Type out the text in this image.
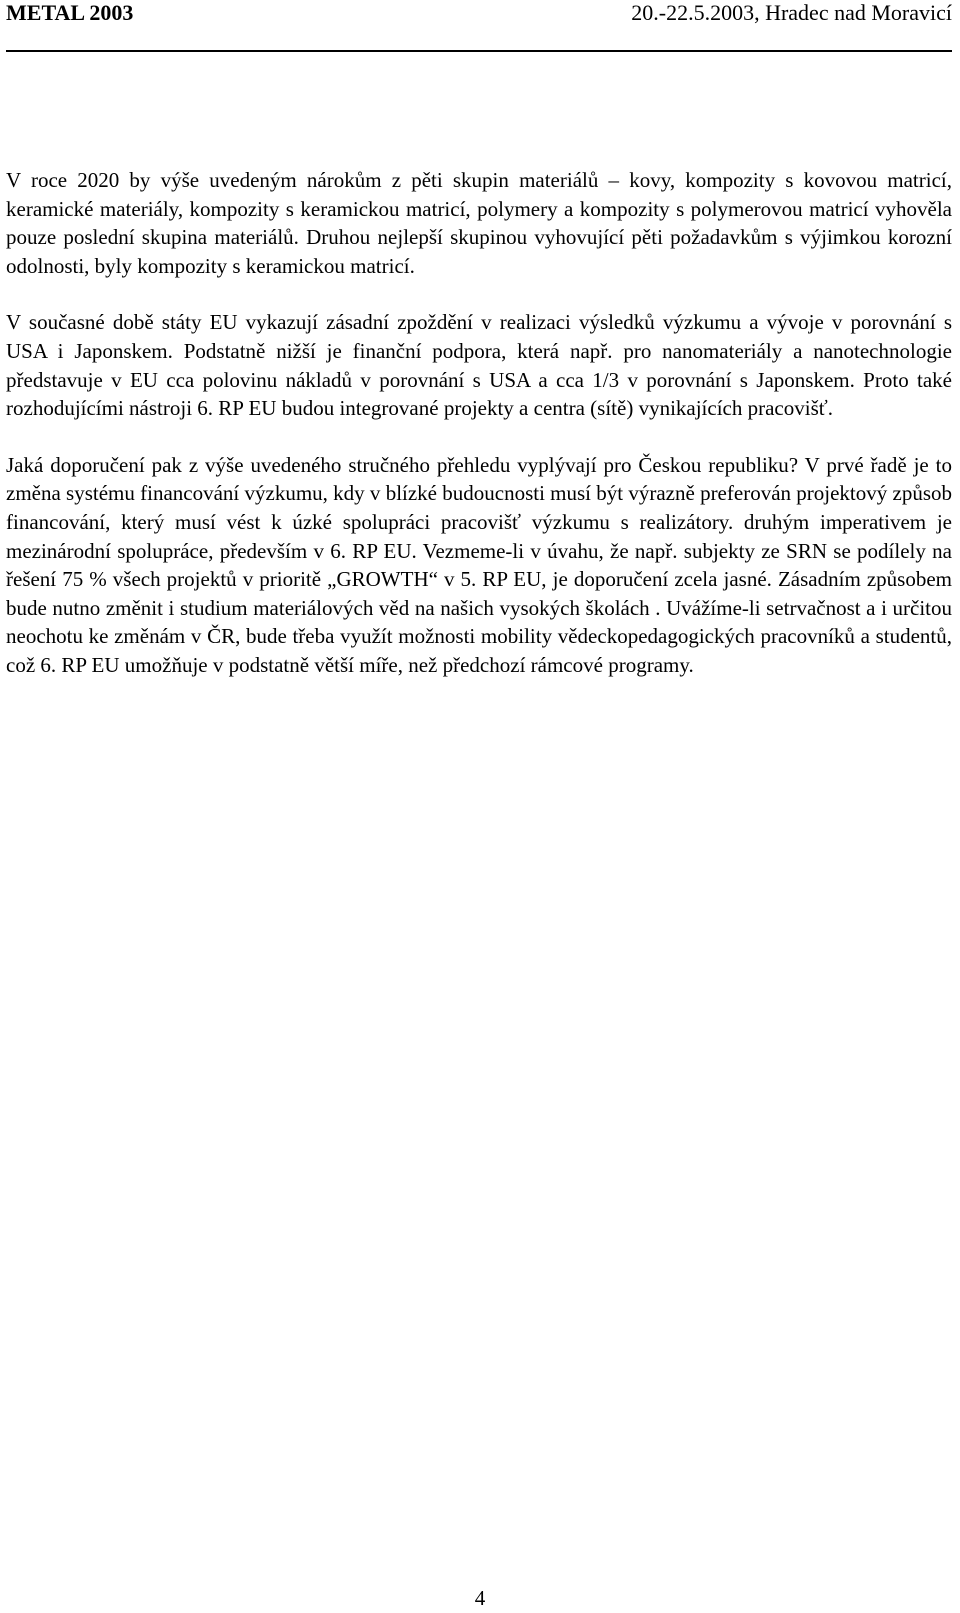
METAL 2003	20.-22.5.2003, Hradec nad Moravicí

V roce 2020 by výše uvedeným nárokům z pěti skupin materiálů – kovy, kompozity s kovovou matricí, keramické materiály, kompozity s keramickou matricí, polymery a kompozity s polymerovou matricí vyhověla pouze poslední skupina materiálů. Druhou nejlepší skupinou vyhovující pěti požadavkům s výjimkou korozní odolnosti, byly kompozity s keramickou matricí.

V současné době státy EU vykazují zásadní zpoždění v realizaci výsledků výzkumu a vývoje v porovnání s USA i Japonskem. Podstatně nižší je finanční podpora, která např. pro nanomateriály a nanotechnologie představuje v EU cca polovinu nákladů v porovnání s USA a cca 1/3 v porovnání s Japonskem. Proto také rozhodujícími nástroji 6. RP EU budou integrované projekty a centra (sítě) vynikajících pracovišť.

Jaká doporučení pak z výše uvedeného stručného přehledu vyplývají pro Českou republiku? V prvé řadě je to změna systému financování výzkumu, kdy v blízké budoucnosti musí být výrazně preferován projektový způsob financování, který musí vést k úzké spolupráci pracovišť výzkumu s realizátory. druhým imperativem je mezinárodní spolupráce, především v 6. RP EU. Vezmeme-li v úvahu, že např. subjekty ze SRN se podílely na řešení 75 % všech projektů v prioritě „GROWTH“ v 5. RP EU, je doporučení zcela jasné. Zásadním způsobem bude nutno změnit i studium materiálových věd na našich vysokých školách . Uvážíme-li setrvačnost a i určitou neochotu ke změnám v ČR, bude třeba využít možnosti mobility vědeckopedagogických pracovníků a studentů, což 6. RP EU umožňuje v podstatně větší míře, než předchozí rámcové programy.

4
